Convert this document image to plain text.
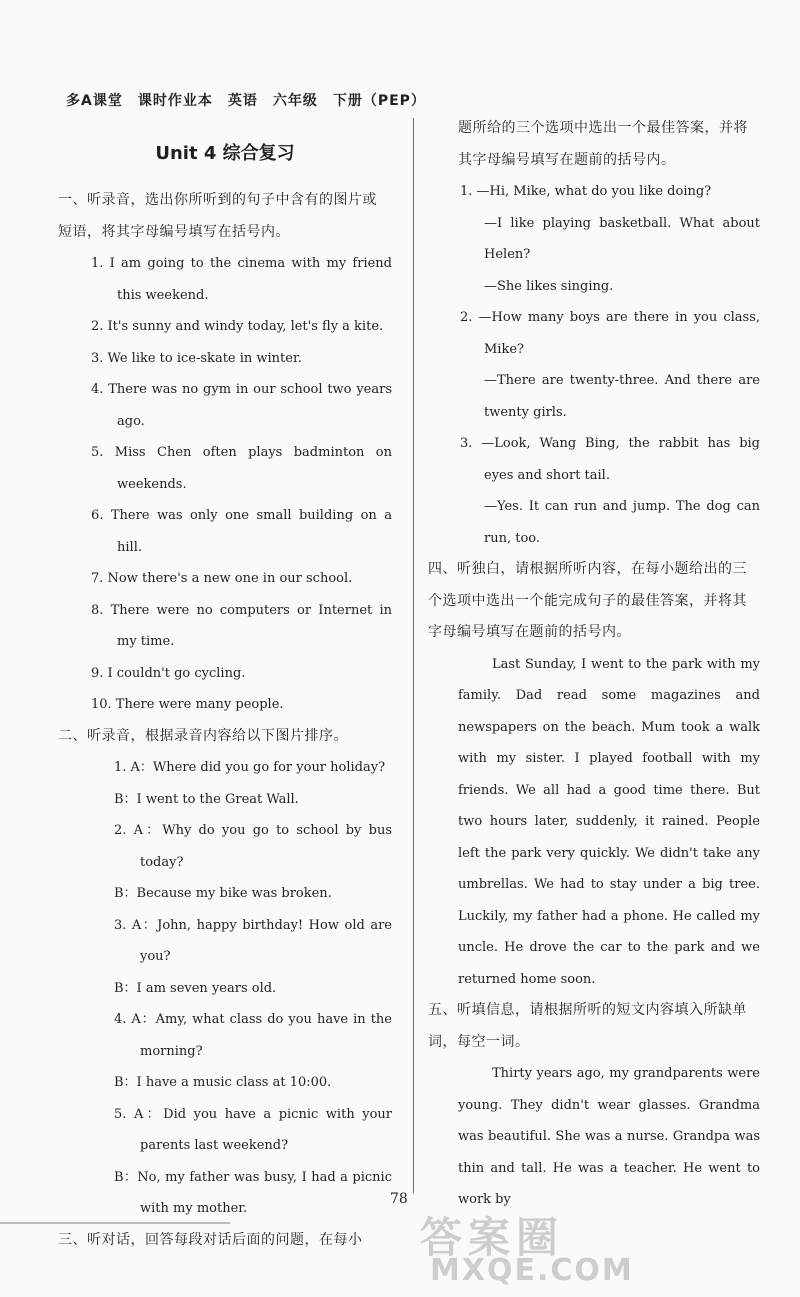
多A课堂　课时作业本　英语　六年级　下册（PEP）
Unit 4 综合复习
一、听录音，选出你所听到的句子中含有的图片或短语，将其字母编号填写在括号内。
1. I am going to the cinema with my friend this weekend.
2. It's sunny and windy today, let's fly a kite.
3. We like to ice-skate in winter.
4. There was no gym in our school two years ago.
5. Miss Chen often plays badminton on weekends.
6. There was only one small building on a hill.
7. Now there's a new one in our school.
8. There were no computers or Internet in my time.
9. I couldn't go cycling.
10. There were many people.
二、听录音，根据录音内容给以下图片排序。
1. A：Where did you go for your holiday?
B：I went to the Great Wall.
2. A：Why do you go to school by bus today?
B：Because my bike was broken.
3. A：John, happy birthday! How old are you?
B：I am seven years old.
4. A：Amy, what class do you have in the morning?
B：I have a music class at 10:00.
5. A：Did you have a picnic with your parents last weekend?
B：No, my father was busy, I had a picnic with my mother.
三、听对话，回答每段对话后面的问题，在每小
题所给的三个选项中选出一个最佳答案，并将其字母编号填写在题前的括号内。
1. —Hi, Mike, what do you like doing?
—I like playing basketball. What about Helen?
—She likes singing.
2. —How many boys are there in you class, Mike?
—There are twenty-three. And there are twenty girls.
3. —Look, Wang Bing, the rabbit has big eyes and short tail.
—Yes. It can run and jump. The dog can run, too.
四、听独白，请根据所听内容，在每小题给出的三个选项中选出一个能完成句子的最佳答案，并将其字母编号填写在题前的括号内。
Last Sunday, I went to the park with my family. Dad read some magazines and newspapers on the beach. Mum took a walk with my sister. I played football with my friends. We all had a good time there. But two hours later, suddenly, it rained. People left the park very quickly. We didn't take any umbrellas. We had to stay under a big tree. Luckily, my father had a phone. He called my uncle. He drove the car to the park and we returned home soon.
五、听填信息，请根据所听的短文内容填入所缺单词，每空一词。
Thirty years ago, my grandparents were young. They didn't wear glasses. Grandma was beautiful. She was a nurse. Grandpa was thin and tall. He was a teacher. He went to work by
78
答案圈
MXQE.COM
